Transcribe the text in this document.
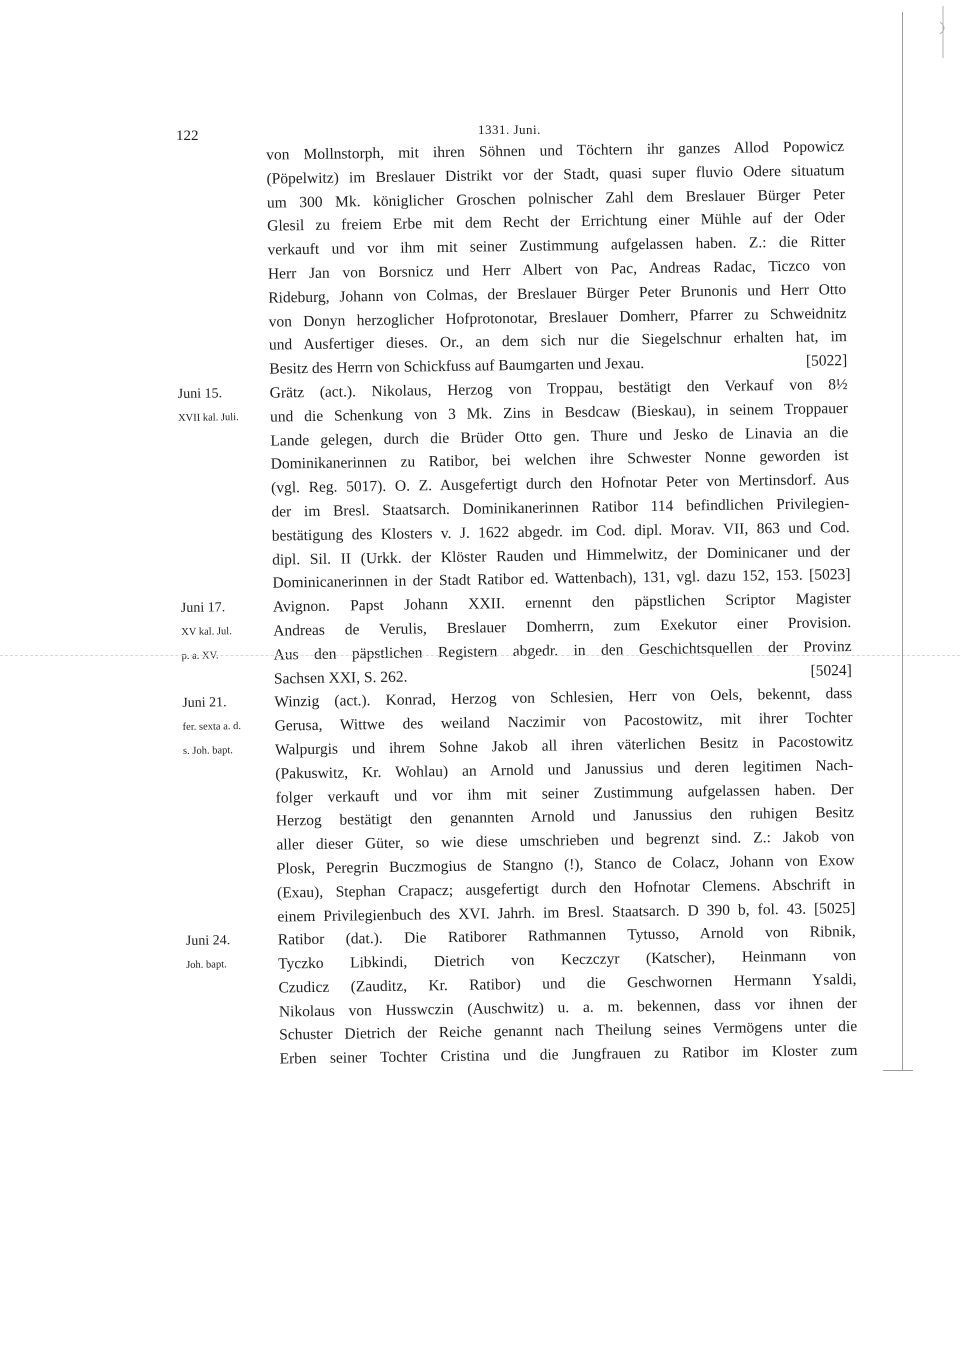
122	1331. Juni.
von Mollnstorph, mit ihren Söhnen und Töchtern ihr ganzes Allod Popowicz
(Pöpelwitz) im Breslauer Distrikt vor der Stadt, quasi super fluvio Odere situatum
um 300 Mk. königlicher Groschen polnischer Zahl dem Breslauer Bürger Peter
Glesil zu freiem Erbe mit dem Recht der Errichtung einer Mühle auf der Oder
verkauft und vor ihm mit seiner Zustimmung aufgelassen haben. Z.: die Ritter
Herr Jan von Borsnicz und Herr Albert von Pac, Andreas Radac, Ticzco von
Rideburg, Johann von Colmas, der Breslauer Bürger Peter Brunonis und Herr Otto
von Donyn herzoglicher Hofprotonotar, Breslauer Domherr, Pfarrer zu Schweidnitz
und Ausfertiger dieses. Or., an dem sich nur die Siegelschnur erhalten hat, im
Besitz des Herrn von Schickfuss auf Baumgarten und Jexau.	[5022]
Juni 15.	Grätz (act.). Nikolaus, Herzog von Troppau, bestätigt den Verkauf von 8½
XVII kal. Juli.	und die Schenkung von 3 Mk. Zins in Besdcaw (Bieskau), in seinem Troppauer
Lande gelegen, durch die Brüder Otto gen. Thure und Jesko de Linavia an die
Dominikanerinnen zu Ratibor, bei welchen ihre Schwester Nonne geworden ist
(vgl. Reg. 5017). O. Z. Ausgefertigt durch den Hofnotar Peter von Mertinsdorf. Aus
der im Bresl. Staatsarch. Dominikanerinnen Ratibor 114 befindlichen Privilegien-
bestätigung des Klosters v. J. 1622 abgedr. im Cod. dipl. Morav. VII, 863 und Cod.
dipl. Sil. II (Urkk. der Klöster Rauden und Himmelwitz, der Dominicaner und der
Dominicanerinnen in der Stadt Ratibor ed. Wattenbach), 131, vgl. dazu 152, 153. [5023]
Juni 17.	Avignon. Papst Johann XXII. ernennt den päpstlichen Scriptor Magister
XV kal. Jul.	Andreas de Verulis, Breslauer Domherrn, zum Exekutor einer Provision.
p. a. XV.	Aus den päpstlichen Registern abgedr. in den Geschichtsquellen der Provinz
Sachsen XXI, S. 262.	[5024]
Juni 21.	Winzig (act.). Konrad, Herzog von Schlesien, Herr von Oels, bekennt, dass
fer. sexta a. d.	Gerusa, Wittwe des weiland Naczimir von Pacostowitz, mit ihrer Tochter
s. Joh. bapt.	Walpurgis und ihrem Sohne Jakob all ihren väterlichen Besitz in Pacostowitz
(Pakuswitz, Kr. Wohlau) an Arnold und Janussius und deren legitimen Nach-
folger verkauft und vor ihm mit seiner Zustimmung aufgelassen haben. Der
Herzog bestätigt den genannten Arnold und Janussius den ruhigen Besitz
aller dieser Güter, so wie diese umschrieben und begrenzt sind. Z.: Jakob von
Plosk, Peregrin Buczmogius de Stangno (!), Stanco de Colacz, Johann von Exow
(Exau), Stephan Crapacz; ausgefertigt durch den Hofnotar Clemens. Abschrift in
einem Privilegienbuch des XVI. Jahrh. im Bresl. Staatsarch. D 390 b, fol. 43. [5025]
Juni 24.	Ratibor (dat.). Die Ratiborer Rathmannen Tytusso, Arnold von Ribnik,
Joh. bapt.	Tyczko Libkindi, Dietrich von Keczczyr (Katscher), Heinmann von
Czudicz (Zauditz, Kr. Ratibor) und die Geschwornen Hermann Ysaldi,
Nikolaus von Husswczin (Auschwitz) u. a. m. bekennen, dass vor ihnen der
Schuster Dietrich der Reiche genannt nach Theilung seines Vermögens unter die
Erben seiner Tochter Cristina und die Jungfrauen zu Ratibor im Kloster zum
